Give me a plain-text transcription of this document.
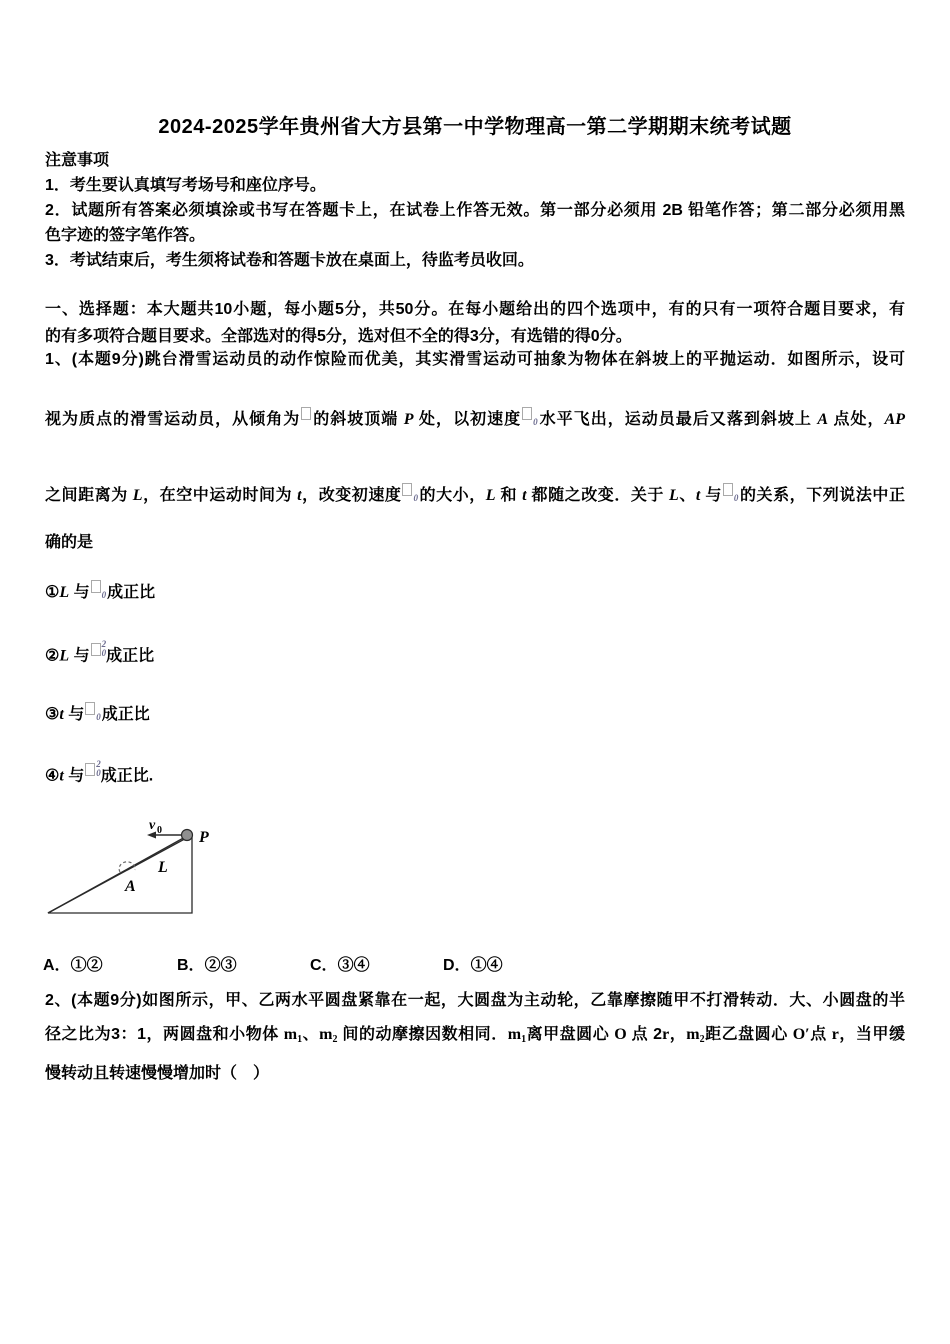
2024-2025学年贵州省大方县第一中学物理高一第二学期期末统考试题
注意事项
1．考生要认真填写考场号和座位序号。
2．试题所有答案必须填涂或书写在答题卡上，在试卷上作答无效。第一部分必须用 2B 铅笔作答；第二部分必须用黑
色字迹的签字笔作答。
3．考试结束后，考生须将试卷和答题卡放在桌面上，待监考员收回。
一、选择题：本大题共10小题，每小题5分，共50分。在每小题给出的四个选项中，有的只有一项符合题目要求，有
的有多项符合题目要求。全部选对的得5分，选对但不全的得3分，有选错的得0分。
1、(本题9分)跳台滑雪运动员的动作惊险而优美，其实滑雪运动可抽象为物体在斜坡上的平抛运动．如图所示，设可
视为质点的滑雪运动员，从倾角为 的斜坡顶端 P 处，以初速度 0水平飞出，运动员最后又落到斜坡上 A 点处，AP
之间距离为 L，在空中运动时间为 t，改变初速度 0的大小，L 和 t 都随之改变．关于 L、t 与 0的关系，下列说法中正
确的是
①L 与 0成正比
②L 与
2
0 成正比
③t 与 0成正比
④t 与
2
0 成正比.
v 0 P
L
A
A．①②	B．②③	C．③④	D．①④
2、(本题9分)如图所示，甲、乙两水平圆盘紧靠在一起，大圆盘为主动轮，乙靠摩擦随甲不打滑转动．大、小圆盘的半
径之比为3：1，两圆盘和小物体 $m_1$、$m_2$ 间的动摩擦因数相同．$m_1$离甲盘圆心 O 点 2r，$m_2$距乙盘圆心 O′点 r，当甲缓
慢转动且转速慢慢增加时（　）
